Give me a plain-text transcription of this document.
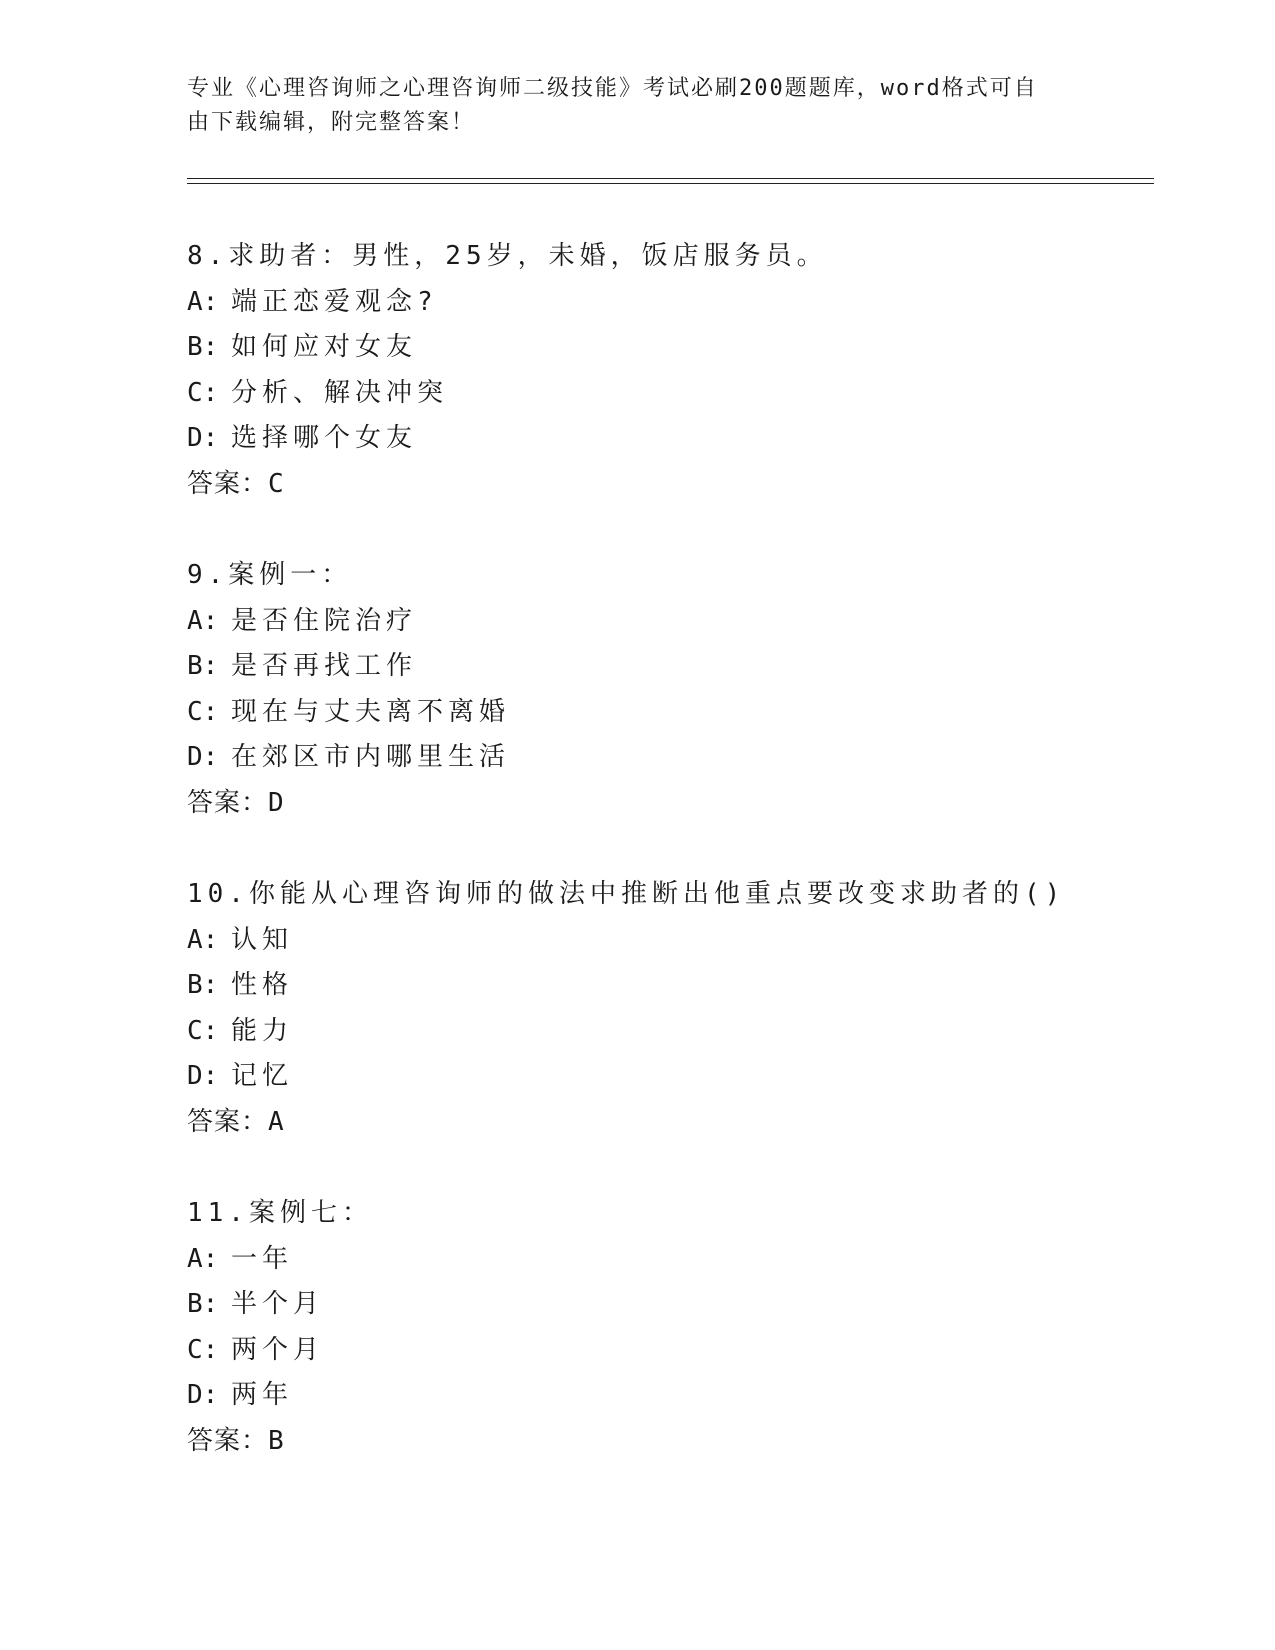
专业《心理咨询师之心理咨询师二级技能》考试必刷200题题库，word格式可自
由下载编辑，附完整答案！
8.求助者：男性，25岁，未婚，饭店服务员。
A: 端正恋爱观念?
B: 如何应对女友
C: 分析、解决冲突
D: 选择哪个女友
答案：C
9.案例一：
A: 是否住院治疗
B: 是否再找工作
C: 现在与丈夫离不离婚
D: 在郊区市内哪里生活
答案：D
10.你能从心理咨询师的做法中推断出他重点要改变求助者的()
A: 认知
B: 性格
C: 能力
D: 记忆
答案：A
11.案例七：
A: 一年
B: 半个月
C: 两个月
D: 两年
答案：B
